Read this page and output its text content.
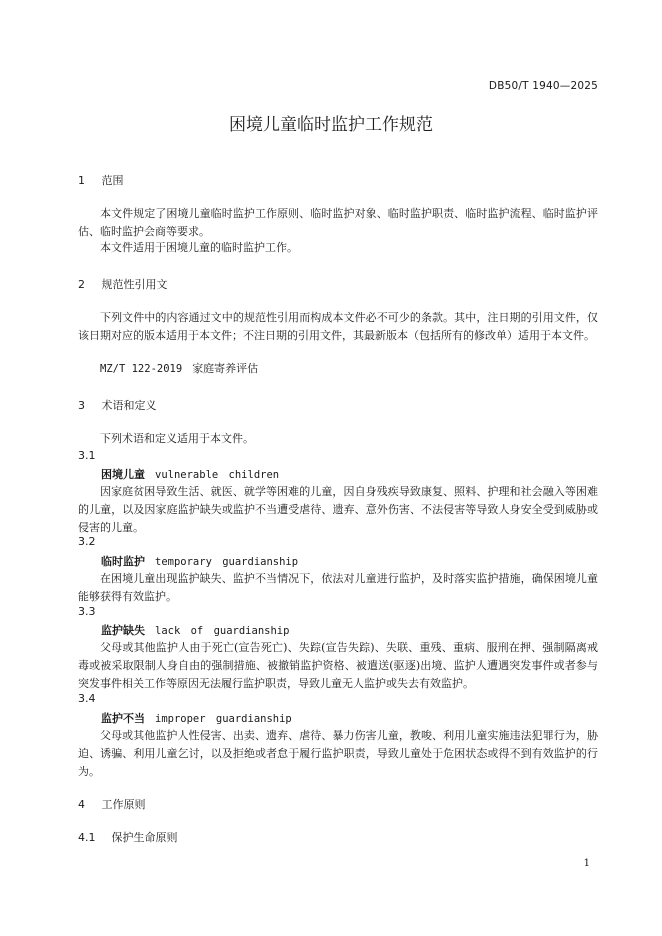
DB50/T 1940—2025
困境儿童临时监护工作规范
1 范围
本文件规定了困境儿童临时监护工作原则、临时监护对象、临时监护职责、临时监护流程、临时监护评估、临时监护会商等要求。
本文件适用于困境儿童的临时监护工作。
2 规范性引用文
下列文件中的内容通过文中的规范性引用而构成本文件必不可少的条款。其中，注日期的引用文件，仅该日期对应的版本适用于本文件；不注日期的引用文件，其最新版本（包括所有的修改单）适用于本文件。
MZ/T 122-2019 家庭寄养评估
3 术语和定义
下列术语和定义适用于本文件。
3.1
困境儿童 vulnerable children
因家庭贫困导致生活、就医、就学等困难的儿童，因自身残疾导致康复、照料、护理和社会融入等困难的儿童，以及因家庭监护缺失或监护不当遭受虐待、遗弃、意外伤害、不法侵害等导致人身安全受到威胁或侵害的儿童。
3.2
临时监护 temporary guardianship
在困境儿童出现监护缺失、监护不当情况下，依法对儿童进行监护，及时落实监护措施，确保困境儿童能够获得有效监护。
3.3
监护缺失 lack of guardianship
父母或其他监护人由于死亡(宣告死亡)、失踪(宣告失踪)、失联、重残、重病、服刑在押、强制隔离戒毒或被采取限制人身自由的强制措施、被撤销监护资格、被遣送(驱逐)出境、监护人遭遇突发事件或者参与突发事件相关工作等原因无法履行监护职责，导致儿童无人监护或失去有效监护。
3.4
监护不当 improper guardianship
父母或其他监护人性侵害、出卖、遗弃、虐待、暴力伤害儿童，教唆、利用儿童实施违法犯罪行为，胁迫、诱骗、利用儿童乞讨，以及拒绝或者怠于履行监护职责，导致儿童处于危困状态或得不到有效监护的行为。
4 工作原则
4.1 保护生命原则
1
